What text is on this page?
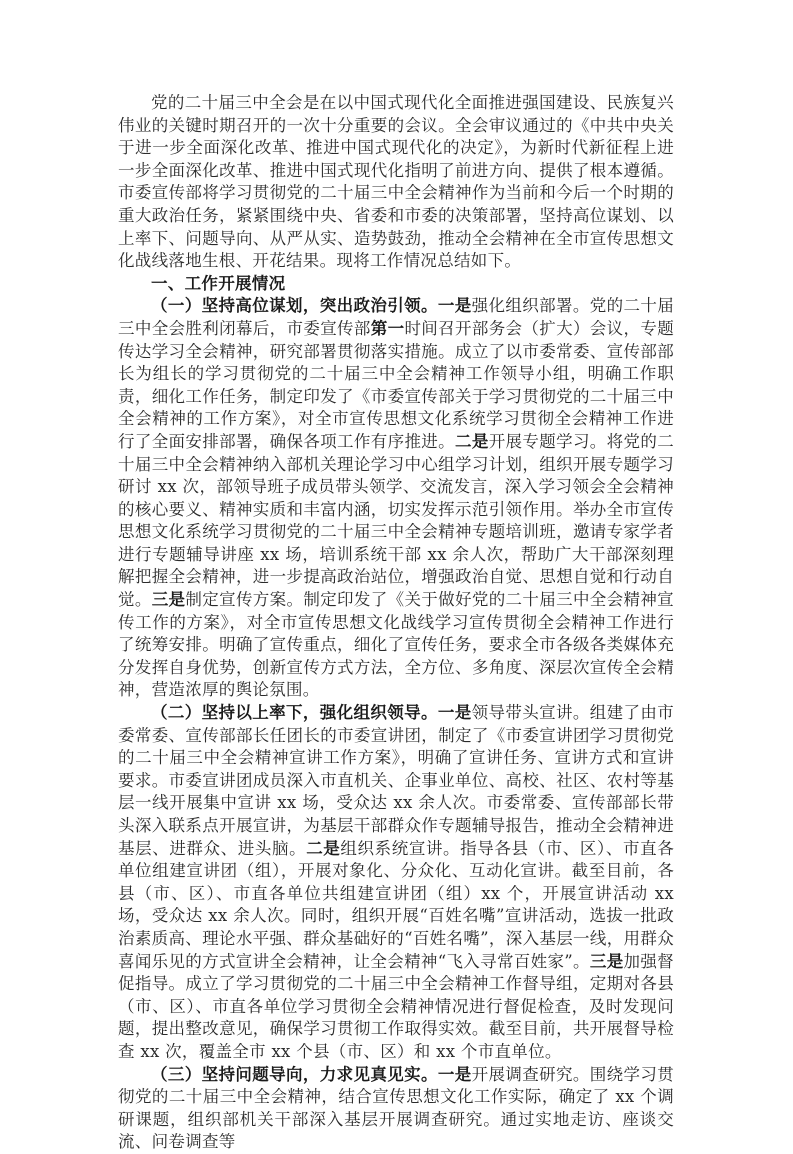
党的二十届三中全会是在以中国式现代化全面推进强国建设、民族复兴伟业的关键时期召开的一次十分重要的会议。全会审议通过的《中共中央关于进一步全面深化改革、推进中国式现代化的决定》，为新时代新征程上进一步全面深化改革、推进中国式现代化指明了前进方向、提供了根本遵循。市委宣传部将学习贯彻党的二十届三中全会精神作为当前和今后一个时期的重大政治任务，紧紧围绕中央、省委和市委的决策部署，坚持高位谋划、以上率下、问题导向、从严从实、造势鼓劲，推动全会精神在全市宣传思想文化战线落地生根、开花结果。现将工作情况总结如下。

一、工作开展情况

（一）坚持高位谋划，突出政治引领。一是强化组织部署。党的二十届三中全会胜利闭幕后，市委宣传部第一时间召开部务会（扩大）会议，专题传达学习全会精神，研究部署贯彻落实措施。成立了以市委常委、宣传部部长为组长的学习贯彻党的二十届三中全会精神工作领导小组，明确工作职责，细化工作任务，制定印发了《市委宣传部关于学习贯彻党的二十届三中全会精神的工作方案》，对全市宣传思想文化系统学习贯彻全会精神工作进行了全面安排部署，确保各项工作有序推进。二是开展专题学习。将党的二十届三中全会精神纳入部机关理论学习中心组学习计划，组织开展专题学习研讨 xx 次，部领导班子成员带头领学、交流发言，深入学习领会全会精神的核心要义、精神实质和丰富内涵，切实发挥示范引领作用。举办全市宣传思想文化系统学习贯彻党的二十届三中全会精神专题培训班，邀请专家学者进行专题辅导讲座 xx 场，培训系统干部 xx 余人次，帮助广大干部深刻理解把握全会精神，进一步提高政治站位，增强政治自觉、思想自觉和行动自觉。三是制定宣传方案。制定印发了《关于做好党的二十届三中全会精神宣传工作的方案》，对全市宣传思想文化战线学习宣传贯彻全会精神工作进行了统筹安排。明确了宣传重点，细化了宣传任务，要求全市各级各类媒体充分发挥自身优势，创新宣传方式方法，全方位、多角度、深层次宣传全会精神，营造浓厚的舆论氛围。

（二）坚持以上率下，强化组织领导。一是领导带头宣讲。组建了由市委常委、宣传部部长任团长的市委宣讲团，制定了《市委宣讲团学习贯彻党的二十届三中全会精神宣讲工作方案》，明确了宣讲任务、宣讲方式和宣讲要求。市委宣讲团成员深入市直机关、企事业单位、高校、社区、农村等基层一线开展集中宣讲 xx 场，受众达 xx 余人次。市委常委、宣传部部长带头深入联系点开展宣讲，为基层干部群众作专题辅导报告，推动全会精神进基层、进群众、进头脑。二是组织系统宣讲。指导各县（市、区）、市直各单位组建宣讲团（组），开展对象化、分众化、互动化宣讲。截至目前，各县（市、区）、市直各单位共组建宣讲团（组）xx 个，开展宣讲活动 xx 场，受众达 xx 余人次。同时，组织开展“百姓名嘴”宣讲活动，选拔一批政治素质高、理论水平强、群众基础好的“百姓名嘴”，深入基层一线，用群众喜闻乐见的方式宣讲全会精神，让全会精神“飞入寻常百姓家”。三是加强督促指导。成立了学习贯彻党的二十届三中全会精神工作督导组，定期对各县（市、区）、市直各单位学习贯彻全会精神情况进行督促检查，及时发现问题，提出整改意见，确保学习贯彻工作取得实效。截至目前，共开展督导检查 xx 次，覆盖全市 xx 个县（市、区）和 xx 个市直单位。

（三）坚持问题导向，力求见真见实。一是开展调查研究。围绕学习贯彻党的二十届三中全会精神，结合宣传思想文化工作实际，确定了 xx 个调研课题，组织部机关干部深入基层开展调查研究。通过实地走访、座谈交流、问卷调查等
